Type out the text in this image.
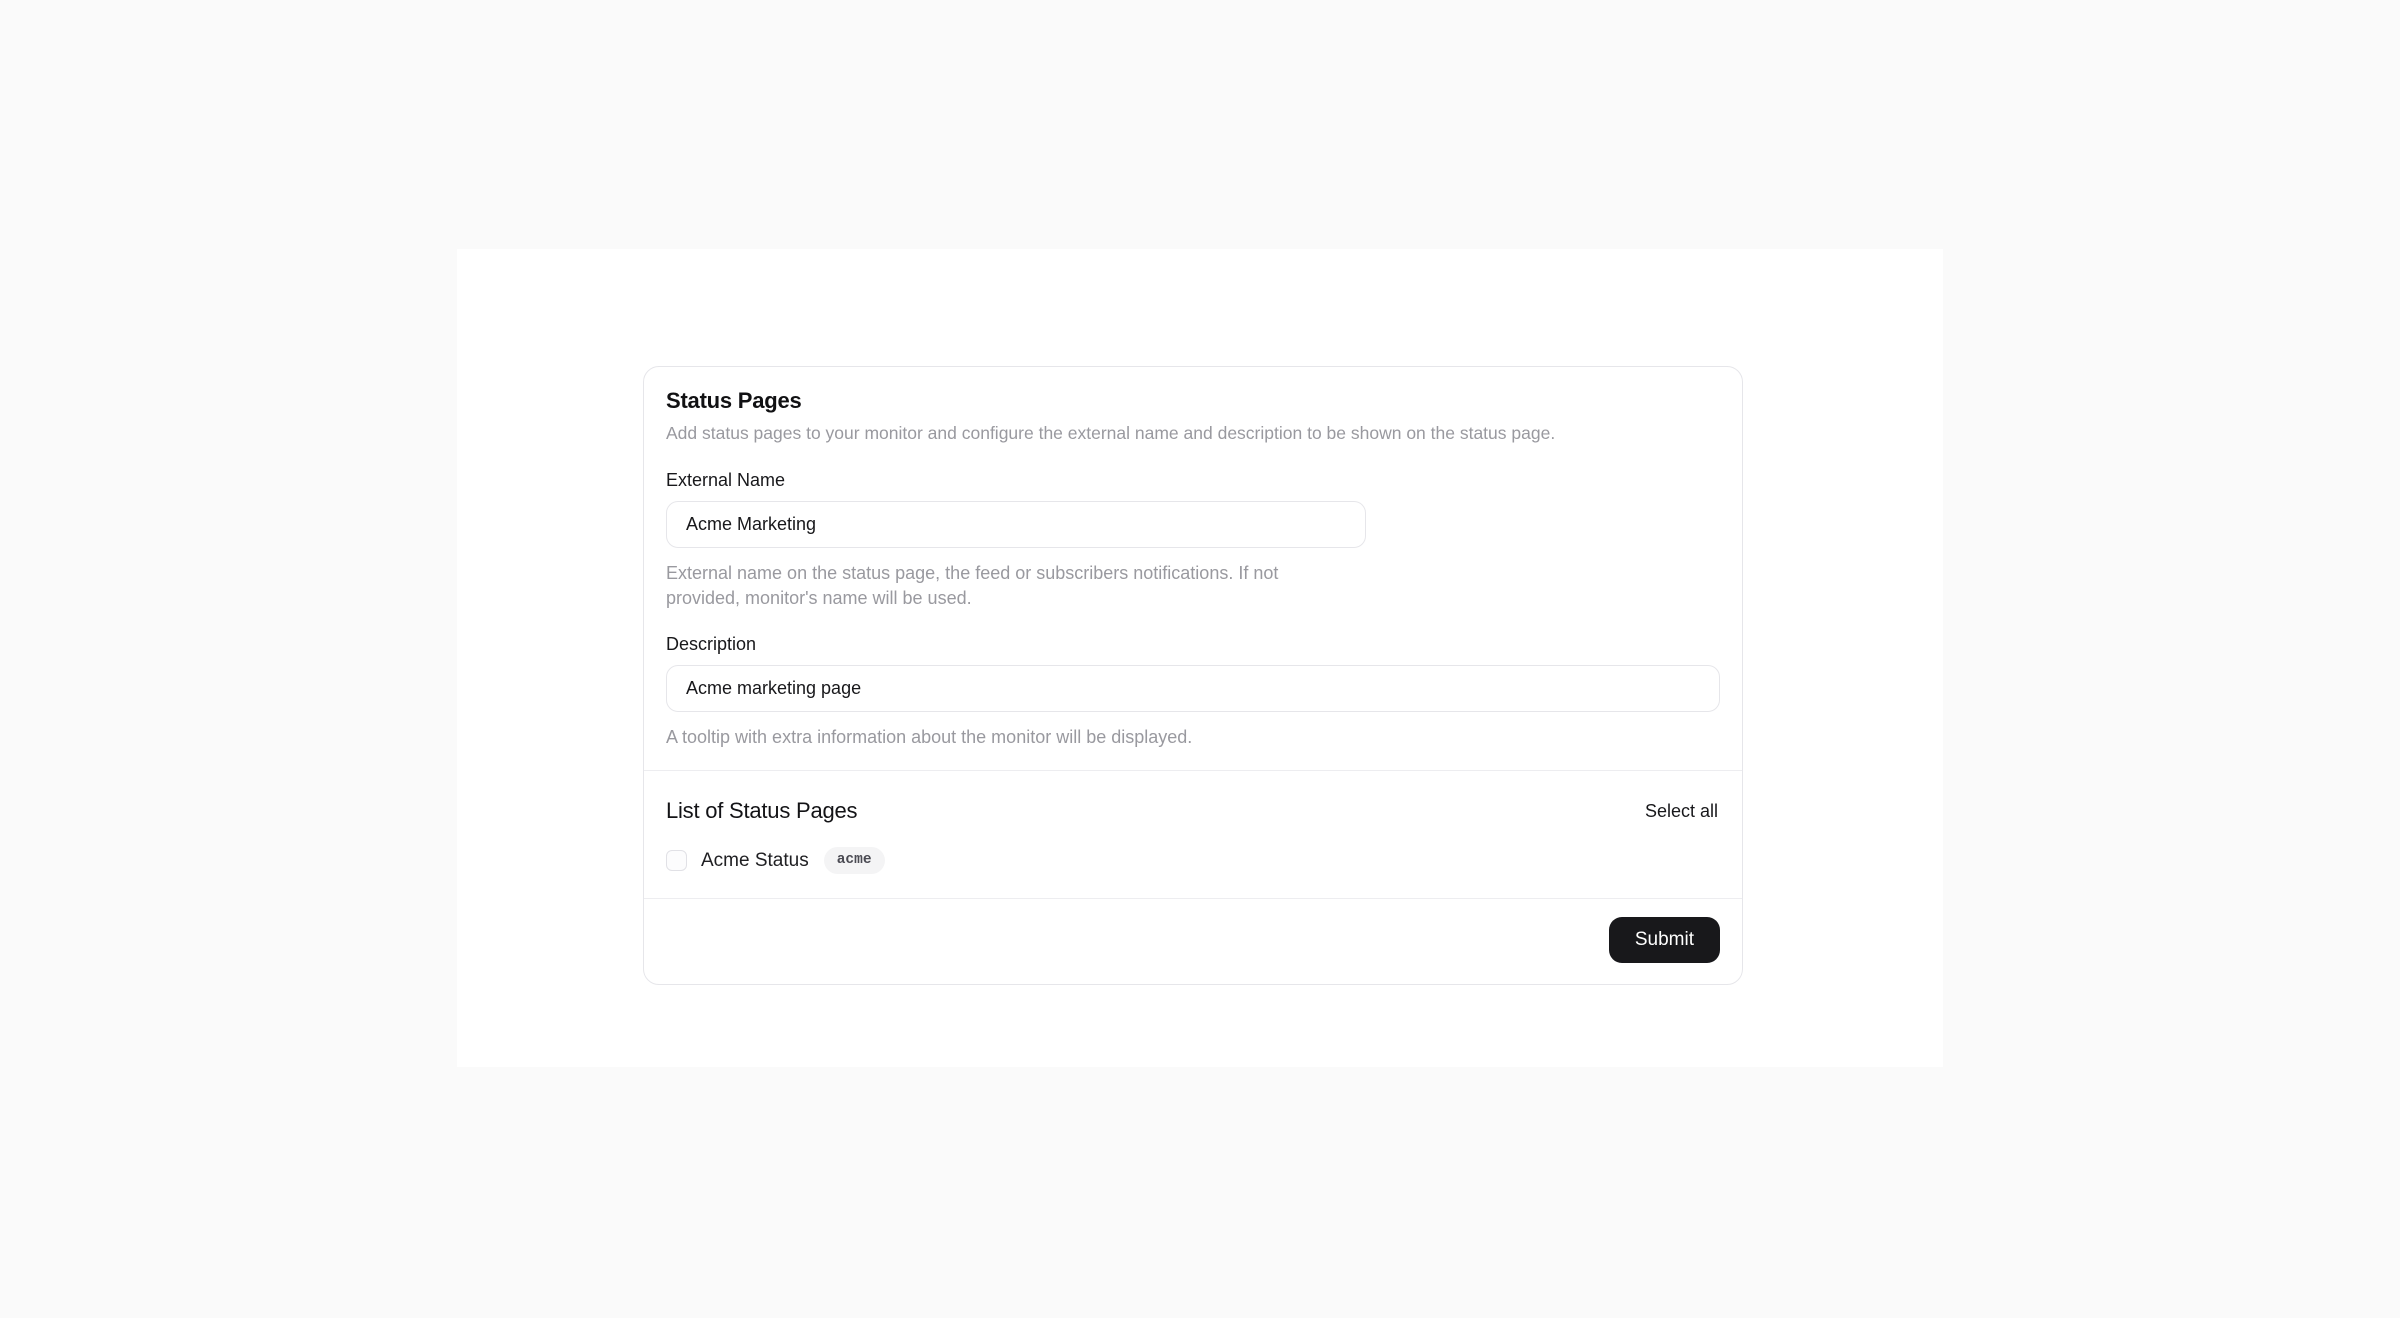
Status Pages

Add status pages to your monitor and configure the external name and description to be shown on the status page.

External Name
Acme Marketing

External name on the status page, the feed or subscribers notifications. If not provided, monitor's name will be used.

Description
Acme marketing page

A tooltip with extra information about the monitor will be displayed.

List of Status Pages	Select all
Acme Status	acme
Submit
